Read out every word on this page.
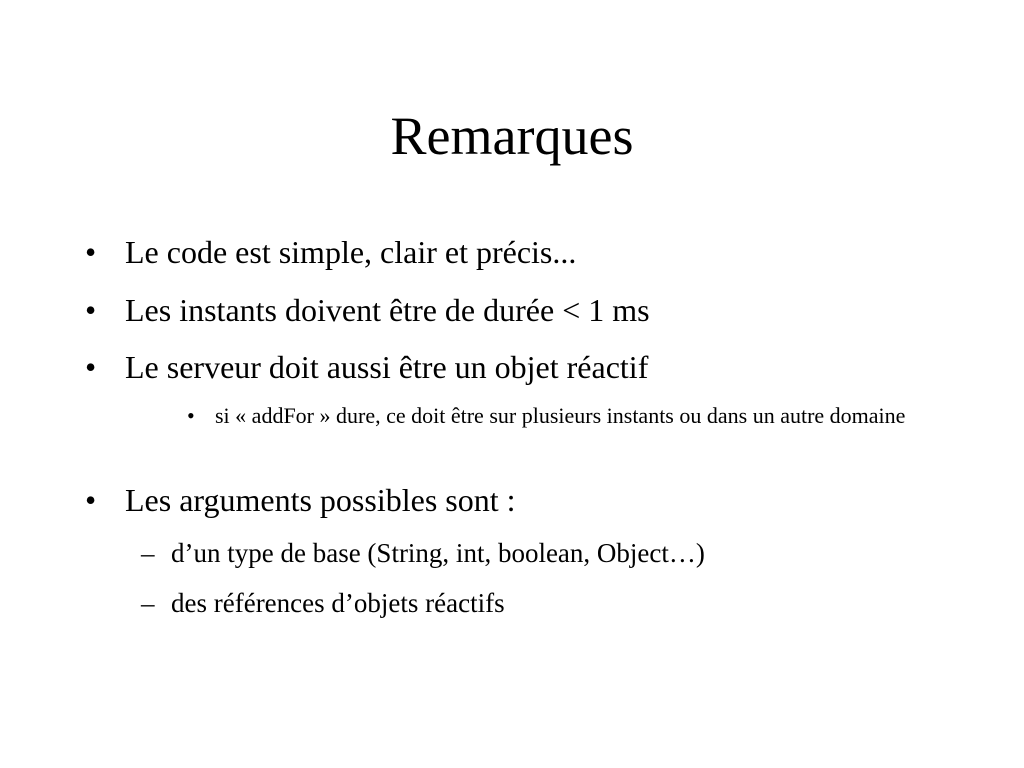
Remarques
• Le code est simple, clair et précis...
• Les instants doivent être de durée < 1 ms
• Le serveur doit aussi être un objet réactif
• si « addFor » dure, ce doit être sur plusieurs instants ou dans un autre domaine
• Les arguments possibles sont :
– d’un type de base (String, int, boolean, Object…)
– des références d’objets réactifs
